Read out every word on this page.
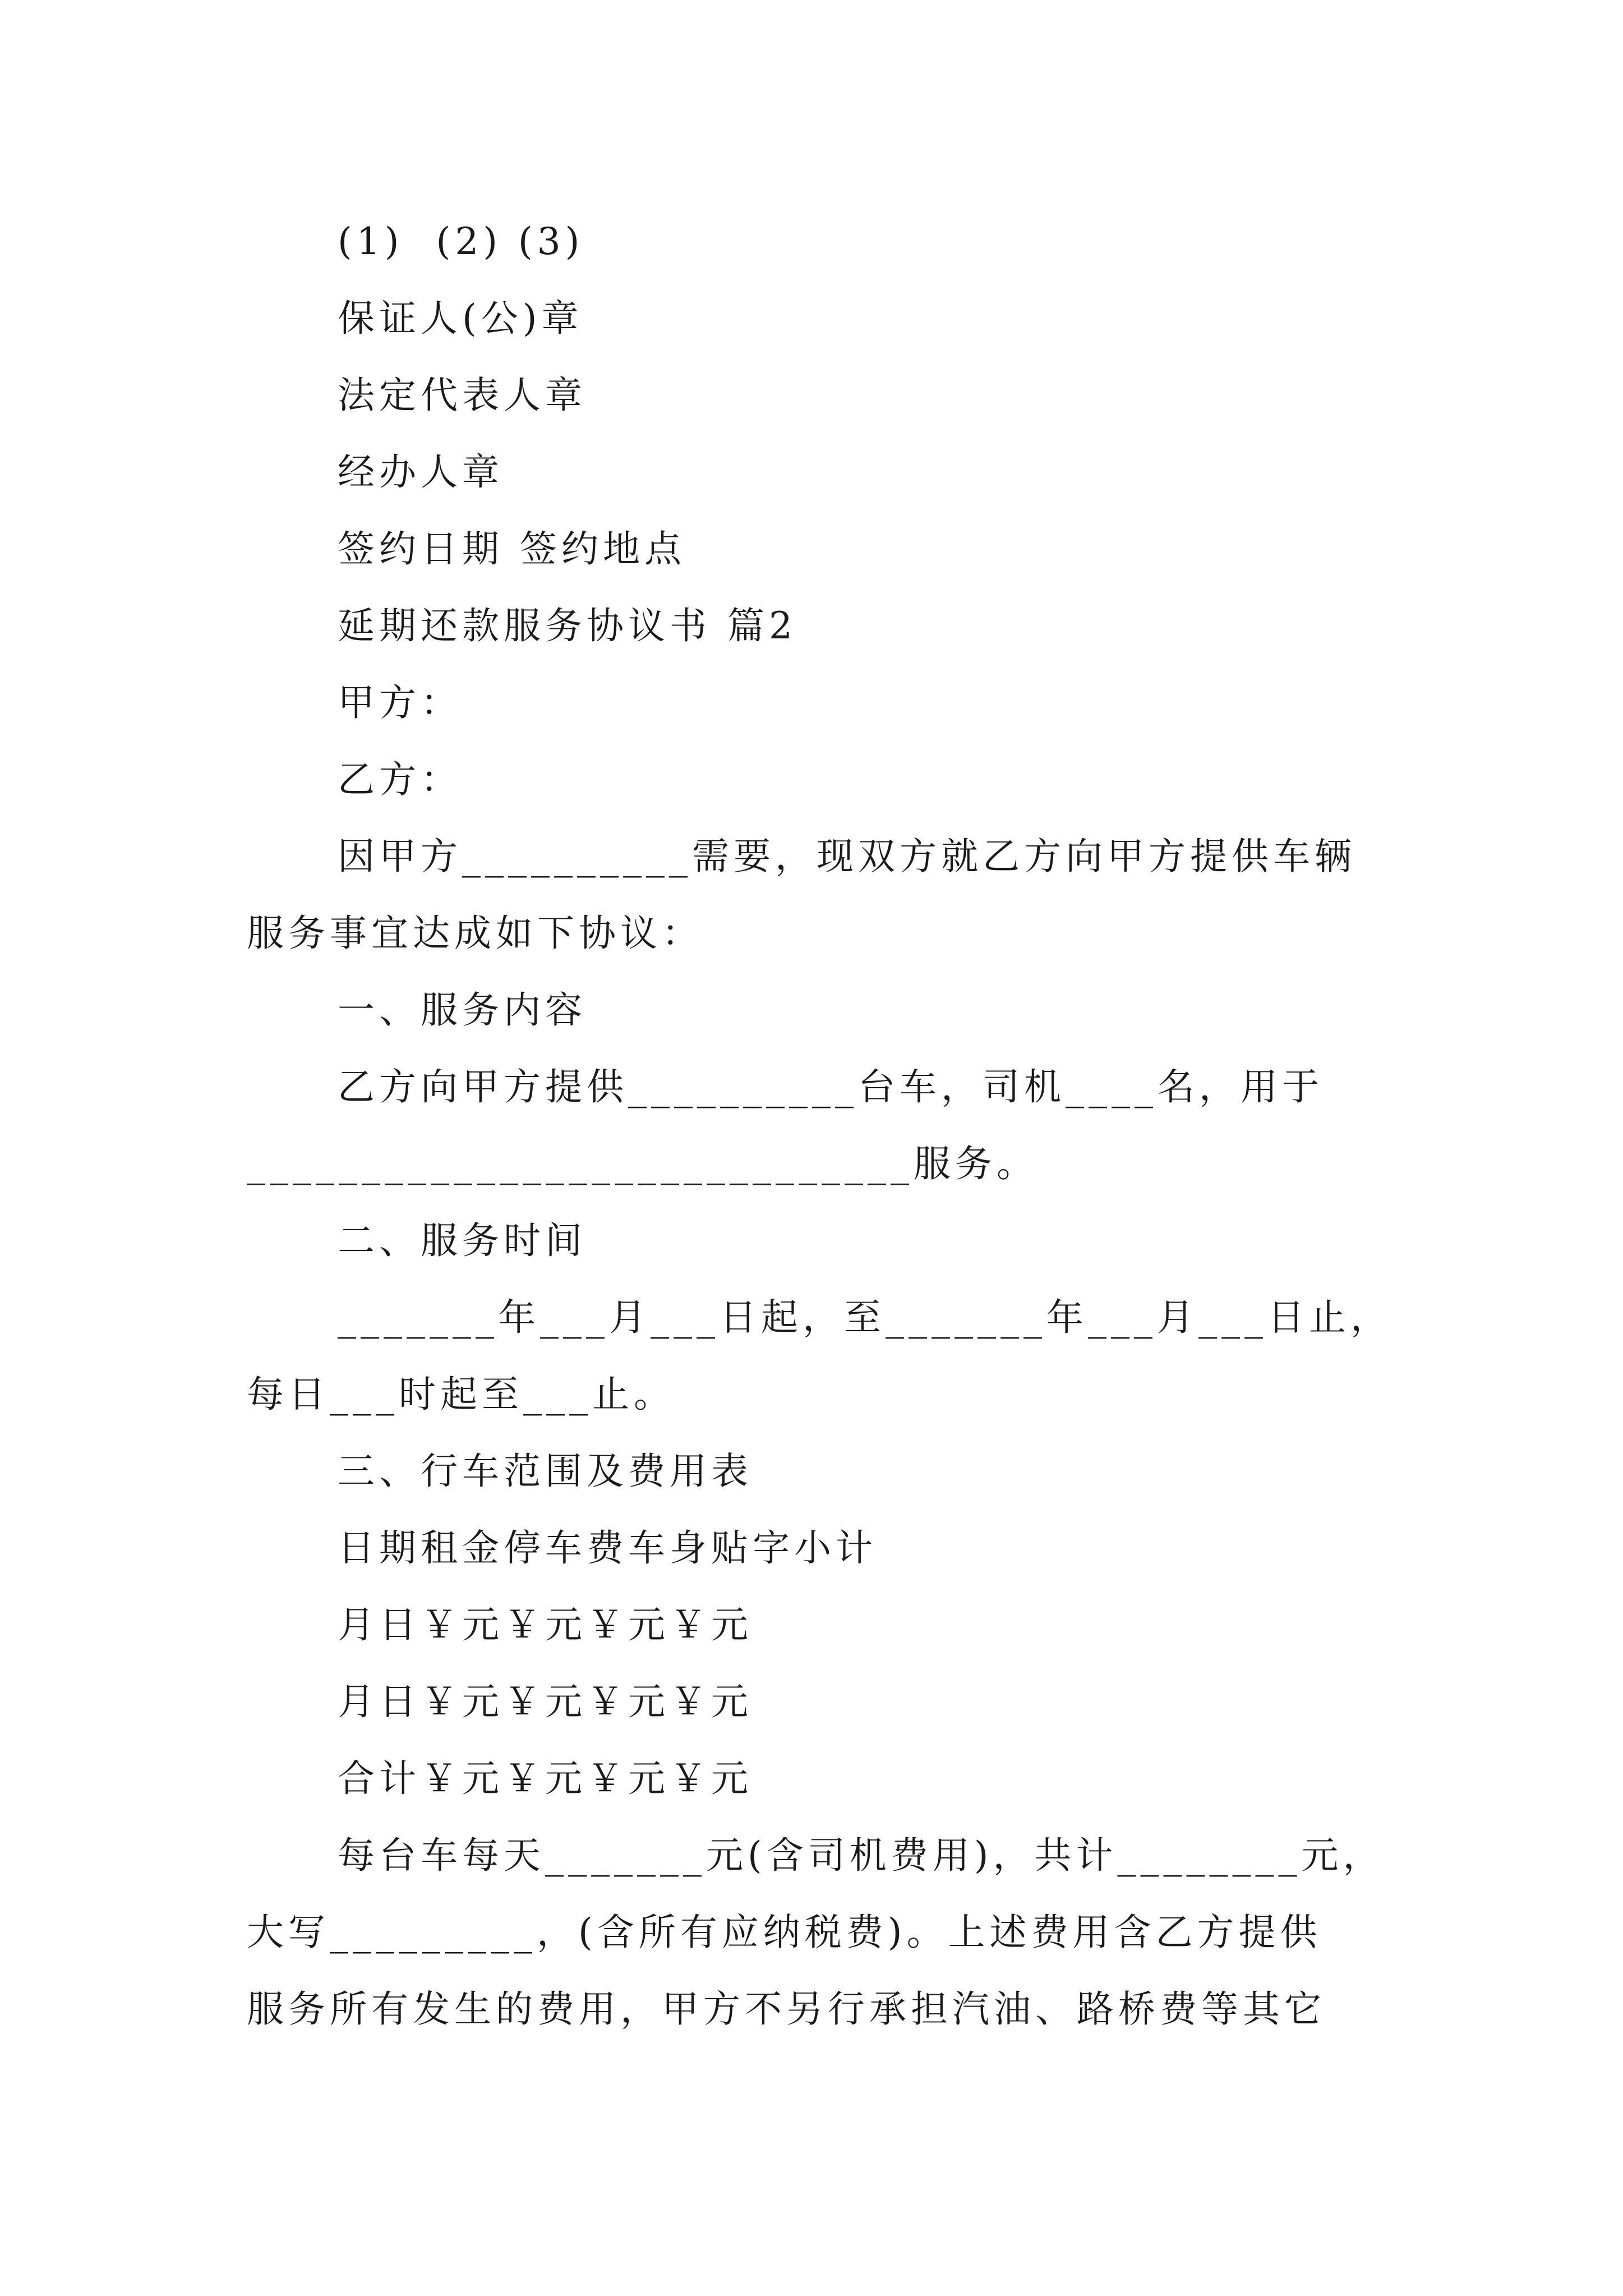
(1)  (2) (3)
保证人(公)章
法定代表人章
经办人章
签约日期 签约地点
延期还款服务协议书 篇2
甲方：
乙方：
因甲方__________需要，现双方就乙方向甲方提供车辆
服务事宜达成如下协议：
一、服务内容
乙方向甲方提供__________台车，司机____名，用于
_____________________________服务。
二、服务时间
_______年___月___日起，至_______年___月___日止，
每日___时起至___止。
三、行车范围及费用表
日期租金停车费车身贴字小计
月日￥元￥元￥元￥元
月日￥元￥元￥元￥元
合计￥元￥元￥元￥元
每台车每天_______元(含司机费用)，共计________元，
大写_________，(含所有应纳税费)。上述费用含乙方提供
服务所有发生的费用，甲方不另行承担汽油、路桥费等其它
